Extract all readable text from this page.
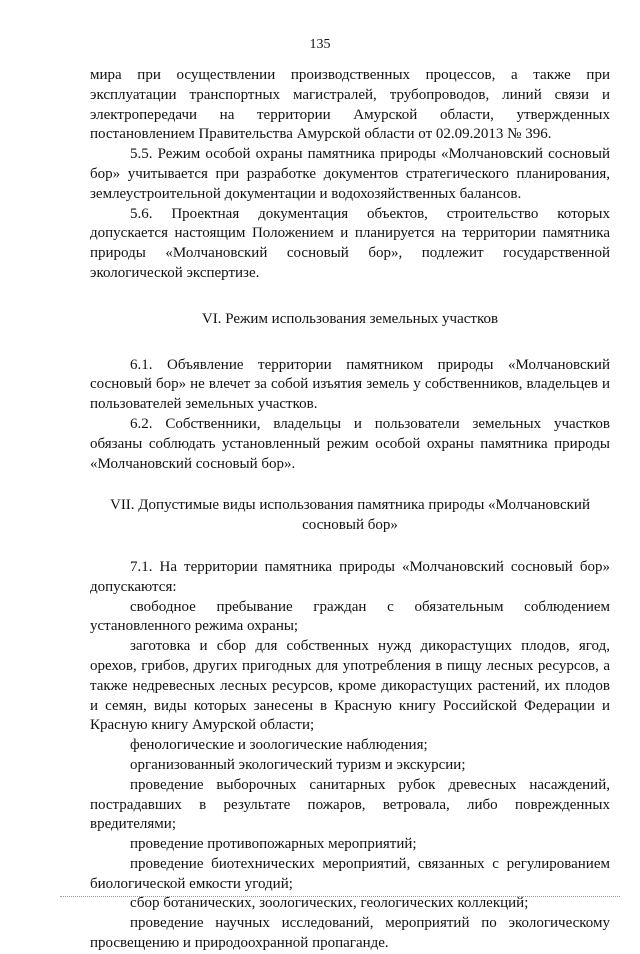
135

мира при осуществлении производственных процессов, а также при эксплуатации транспортных магистралей, трубопроводов, линий связи и электропередачи на территории Амурской области, утвержденных постановлением Правительства Амурской области от 02.09.2013 № 396.

5.5. Режим особой охраны памятника природы «Молчановский сосновый бор» учитывается при разработке документов стратегического планирования, землеустроительной документации и водохозяйственных балансов.

5.6. Проектная документация объектов, строительство которых допускается настоящим Положением и планируется на территории памятника природы «Молчановский сосновый бор», подлежит государственной экологической экспертизе.

VI. Режим использования земельных участков

6.1. Объявление территории памятником природы «Молчановский сосновый бор» не влечет за собой изъятия земель у собственников, владельцев и пользователей земельных участков.

6.2. Собственники, владельцы и пользователи земельных участков обязаны соблюдать установленный режим особой охраны памятника природы «Молчановский сосновый бор».

VII. Допустимые виды использования памятника природы «Молчановский сосновый бор»

7.1. На территории памятника природы «Молчановский сосновый бор» допускаются:

свободное пребывание граждан с обязательным соблюдением установленного режима охраны;

заготовка и сбор для собственных нужд дикорастущих плодов, ягод, орехов, грибов, других пригодных для употребления в пищу лесных ресурсов, а также недревесных лесных ресурсов, кроме дикорастущих растений, их плодов и семян, виды которых занесены в Красную книгу Российской Федерации и Красную книгу Амурской области;

фенологические и зоологические наблюдения;

организованный экологический туризм и экскурсии;

проведение выборочных санитарных рубок древесных насаждений, пострадавших в результате пожаров, ветровала, либо поврежденных вредителями;

проведение противопожарных мероприятий;

проведение биотехнических мероприятий, связанных с регулированием биологической емкости угодий;

сбор ботанических, зоологических, геологических коллекций;

проведение научных исследований, мероприятий по экологическому просвещению и природоохранной пропаганде.
